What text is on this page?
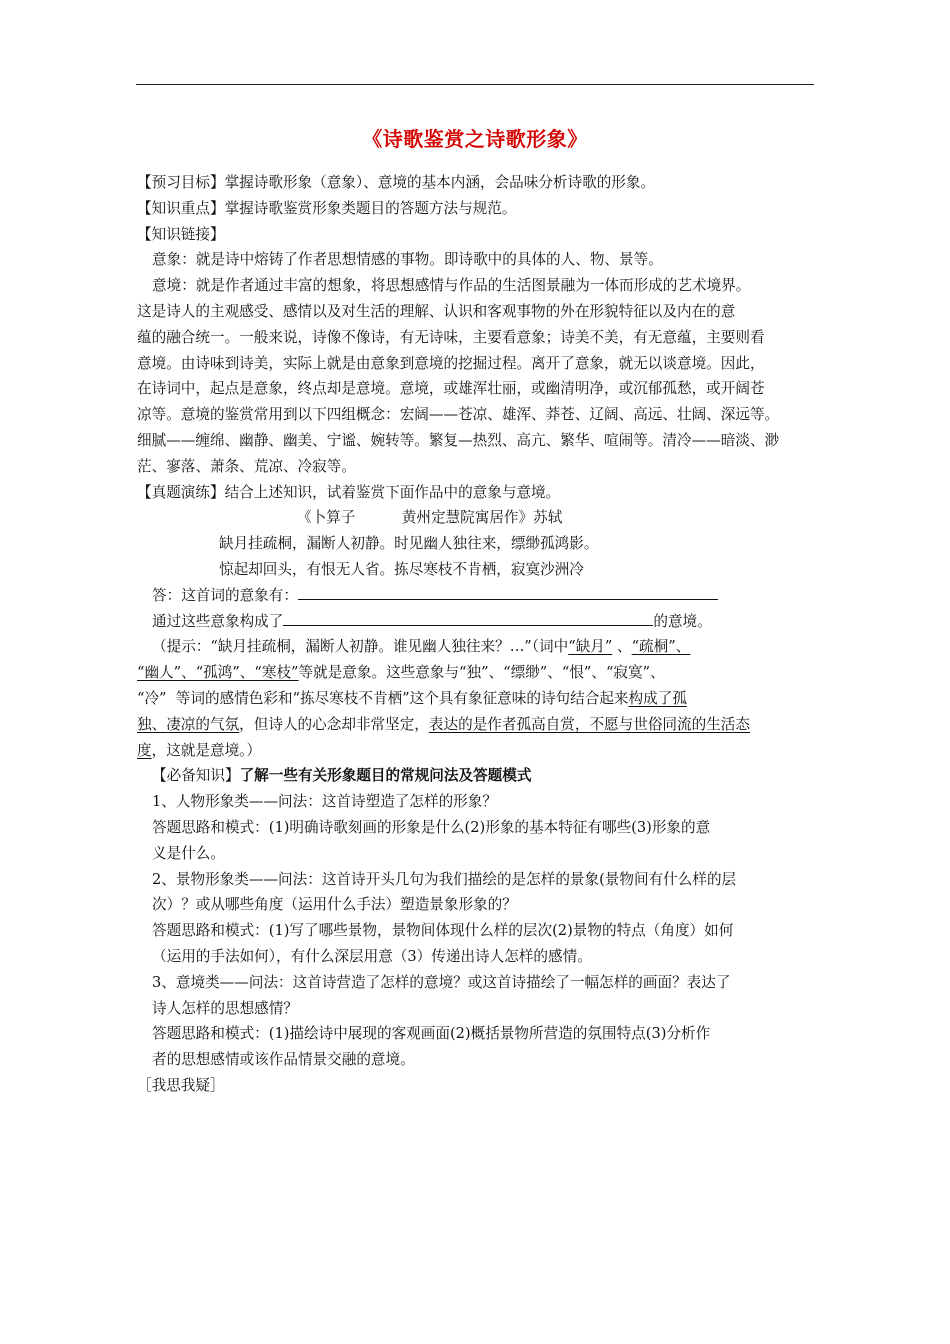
《诗歌鉴赏之诗歌形象》
【预习目标】掌握诗歌形象（意象）、意境的基本内涵，会品味分析诗歌的形象。
【知识重点】掌握诗歌鉴赏形象类题目的答题方法与规范。
【知识链接】
意象：就是诗中熔铸了作者思想情感的事物。即诗歌中的具体的人、物、景等。
意境：就是作者通过丰富的想象，将思想感情与作品的生活图景融为一体而形成的艺术境界。
这是诗人的主观感受、感情以及对生活的理解、认识和客观事物的外在形貌特征以及内在的意
蕴的融合统一。一般来说，诗像不像诗，有无诗味，主要看意象；诗美不美，有无意蕴，主要则看
意境。由诗味到诗美，实际上就是由意象到意境的挖掘过程。离开了意象，就无以谈意境。因此，
在诗词中，起点是意象，终点却是意境。意境，或雄浑壮丽，或幽清明净，或沉郁孤愁，或开阔苍
凉等。意境的鉴赏常用到以下四组概念：宏阔——苍凉、雄浑、莽苍、辽阔、高远、壮阔、深远等。
细腻——缠绵、幽静、幽美、宁谧、婉转等。繁复—热烈、高亢、繁华、喧闹等。清冷——暗淡、渺
茫、寥落、萧条、荒凉、冷寂等。
【真题演练】结合上述知识，试着鉴赏下面作品中的意象与意境。
《卜算子          黄州定慧院寓居作》苏轼
缺月挂疏桐，漏断人初静。时见幽人独往来，缥缈孤鸿影。
惊起却回头，有恨无人省。拣尽寒枝不肯栖，寂寞沙洲冷
答：这首词的意象有：
通过这些意象构成了	的意境。
（提示：“缺月挂疏桐，漏断人初静。谁见幽人独往来？…”（词中“缺月” 、“疏桐”、
“幽人”、“孤鸿”、“寒枝”等就是意象。这些意象与“独”、“缥缈”、“恨”、“寂寞”、
“冷”  等词的感情色彩和“拣尽寒枝不肯栖”这个具有象征意味的诗句结合起来构成了孤
独、凄凉的气氛，但诗人的心念却非常坚定，表达的是作者孤高自赏，不愿与世俗同流的生活态
度，这就是意境。）
【必备知识】了解一些有关形象题目的常规问法及答题模式
1、人物形象类——问法：这首诗塑造了怎样的形象？
答题思路和模式：(1)明确诗歌刻画的形象是什么(2)形象的基本特征有哪些(3)形象的意
义是什么。
2、景物形象类——问法：这首诗开头几句为我们描绘的是怎样的景象(景物间有什么样的层
次）？或从哪些角度（运用什么手法）塑造景象形象的？
答题思路和模式：(1)写了哪些景物，景物间体现什么样的层次(2)景物的特点（角度）如何
（运用的手法如何），有什么深层用意（3）传递出诗人怎样的感情。
3、意境类——问法：这首诗营造了怎样的意境？或这首诗描绘了一幅怎样的画面？表达了
诗人怎样的思想感情？
答题思路和模式：(1)描绘诗中展现的客观画面(2)概括景物所营造的氛围特点(3)分析作
者的思想感情或该作品情景交融的意境。
［我思我疑］
